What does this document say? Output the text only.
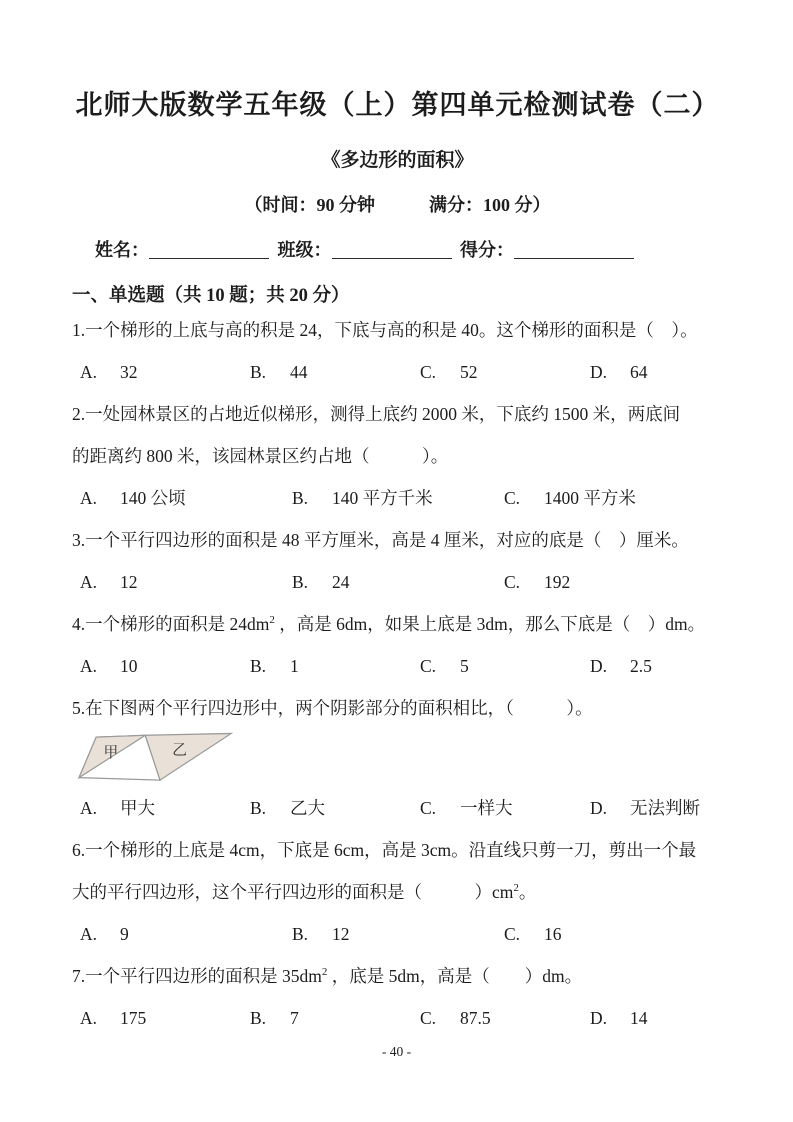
北师大版数学五年级（上）第四单元检测试卷（二）
《多边形的面积》
（时间：90 分钟　　　满分：100 分）
姓名：	班级：	得分：
一、单选题（共 10 题；共 20 分）
1.一个梯形的上底与高的积是 24，下底与高的积是 40。这个梯形的面积是（　）。
A. 32	B. 44	C. 52	D. 64
2.一处园林景区的占地近似梯形，测得上底约 2000 米，下底约 1500 米，两底间
的距离约 800 米，该园林景区约占地（　　　）。
A. 140 公顷	B. 140 平方千米	C. 1400 平方米
3.一个平行四边形的面积是 48 平方厘米，高是 4 厘米，对应的底是（　）厘米。
A. 12	B. 24	C. 192
4.一个梯形的面积是 $24dm^2$ ，高是 6dm，如果上底是 3dm，那么下底是（　）dm。
A. 10	B. 1	C. 5	D. 2.5
5.在下图两个平行四边形中，两个阴影部分的面积相比，（　　　）。
甲	乙
A. 甲大	B. 乙大	C. 一样大	D. 无法判断
6.一个梯形的上底是 4cm，下底是 6cm，高是 3cm。沿直线只剪一刀，剪出一个最
大的平行四边形，这个平行四边形的面积是（　　　）$cm^2$。
A. 9	B. 12	C. 16
7.一个平行四边形的面积是 $35dm^2$ ，底是 5dm，高是（　　）dm。
A. 175	B. 7	C. 87.5	D. 14
- 40 -
